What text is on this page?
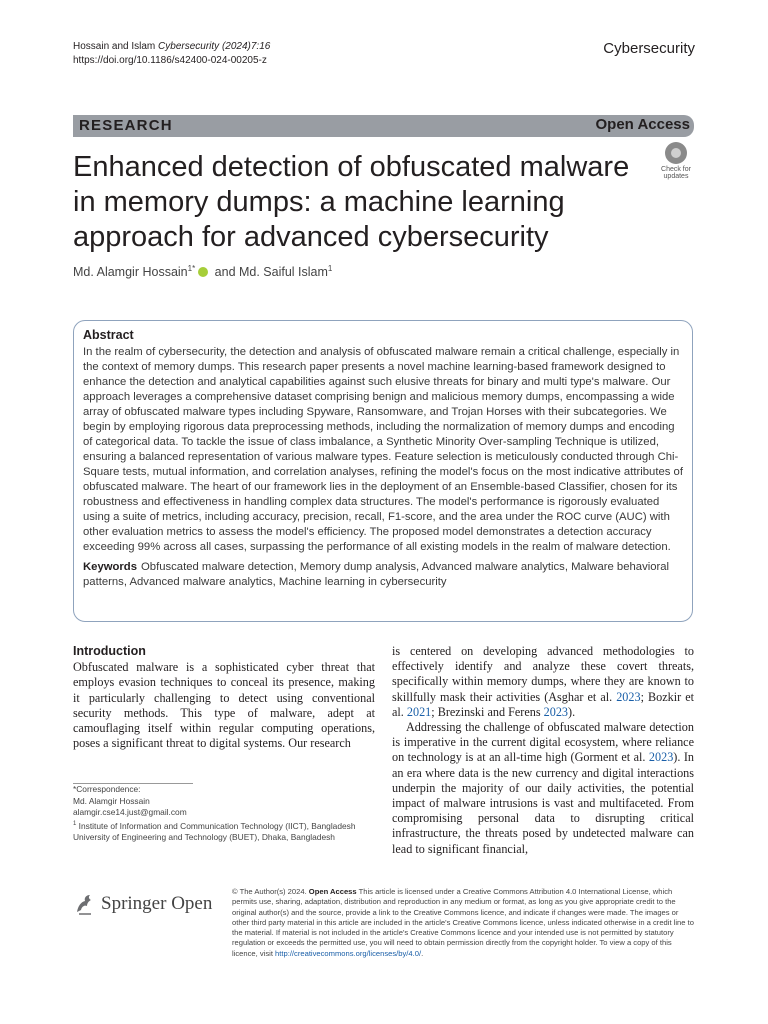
Hossain and Islam Cybersecurity (2024)7:16
https://doi.org/10.1186/s42400-024-00205-z
Cybersecurity
RESEARCH	Open Access
Enhanced detection of obfuscated malware in memory dumps: a machine learning approach for advanced cybersecurity
Check for updates
Md. Alamgir Hossain$^{1*}$ and Md. Saiful Islam$^1$
Abstract
In the realm of cybersecurity, the detection and analysis of obfuscated malware remain a critical challenge, especially in the context of memory dumps. This research paper presents a novel machine learning-based framework designed to enhance the detection and analytical capabilities against such elusive threats for binary and multi type's malware. Our approach leverages a comprehensive dataset comprising benign and malicious memory dumps, encompassing a wide array of obfuscated malware types including Spyware, Ransomware, and Trojan Horses with their subcategories. We begin by employing rigorous data preprocessing methods, including the normalization of memory dumps and encoding of categorical data. To tackle the issue of class imbalance, a Synthetic Minority Over-sampling Technique is utilized, ensuring a balanced representation of various malware types. Feature selection is meticulously conducted through Chi-Square tests, mutual information, and correlation analyses, refining the model's focus on the most indicative attributes of obfuscated malware. The heart of our framework lies in the deployment of an Ensemble-based Classifier, chosen for its robustness and effectiveness in handling complex data structures. The model's performance is rigorously evaluated using a suite of metrics, including accuracy, precision, recall, F1-score, and the area under the ROC curve (AUC) with other evaluation metrics to assess the model's efficiency. The proposed model demonstrates a detection accuracy exceeding 99% across all cases, surpassing the performance of all existing models in the realm of malware detection.
Keywords Obfuscated malware detection, Memory dump analysis, Advanced malware analytics, Malware behavioral patterns, Advanced malware analytics, Machine learning in cybersecurity
Introduction
Obfuscated malware is a sophisticated cyber threat that employs evasion techniques to conceal its presence, making it particularly challenging to detect using conventional security methods. This type of malware, adept at camouflaging itself within regular computing operations, poses a significant threat to digital systems. Our research
is centered on developing advanced methodologies to effectively identify and analyze these covert threats, specifically within memory dumps, where they are known to skillfully mask their activities (Asghar et al. 2023; Bozkir et al. 2021; Brezinski and Ferens 2023).
Addressing the challenge of obfuscated malware detection is imperative in the current digital ecosystem, where reliance on technology is at an all-time high (Gorment et al. 2023). In an era where data is the new currency and digital interactions underpin the majority of our daily activities, the potential impact of malware intrusions is vast and multifaceted. From compromising personal data to disrupting critical infrastructure, the threats posed by undetected malware can lead to significant financial,
*Correspondence:
Md. Alamgir Hossain
alamgir.cse14.just@gmail.com
$^1$ Institute of Information and Communication Technology (IICT), Bangladesh University of Engineering and Technology (BUET), Dhaka, Bangladesh
Springer Open
© The Author(s) 2024. Open Access This article is licensed under a Creative Commons Attribution 4.0 International License, which permits use, sharing, adaptation, distribution and reproduction in any medium or format, as long as you give appropriate credit to the original author(s) and the source, provide a link to the Creative Commons licence, and indicate if changes were made. The images or other third party material in this article are included in the article's Creative Commons licence, unless indicated otherwise in a credit line to the material. If material is not included in the article's Creative Commons licence and your intended use is not permitted by statutory regulation or exceeds the permitted use, you will need to obtain permission directly from the copyright holder. To view a copy of this licence, visit http://creativecommons.org/licenses/by/4.0/.
